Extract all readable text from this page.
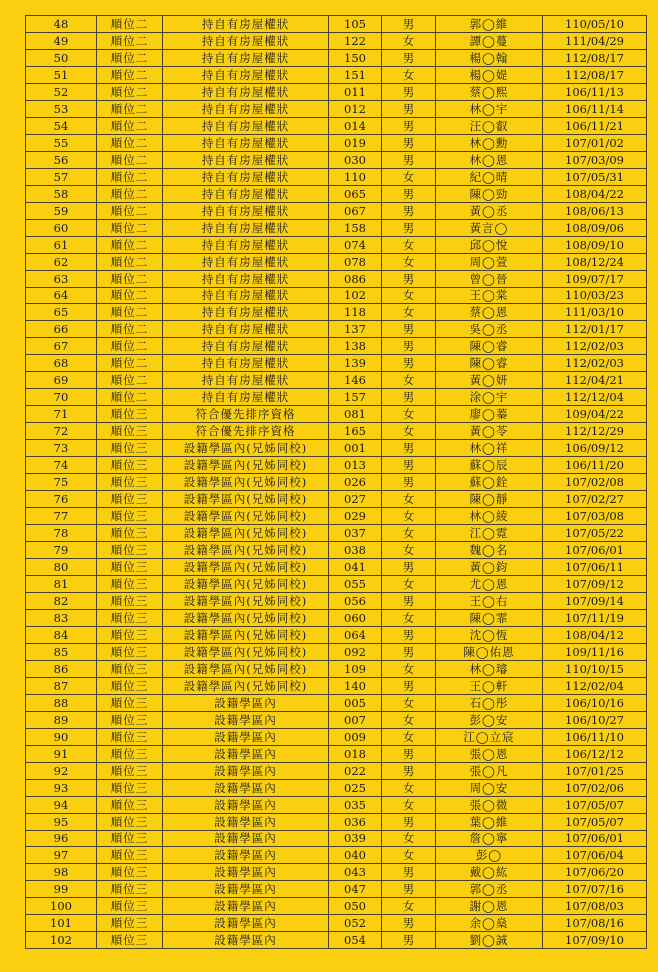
48	順位二	持自有房屋權狀	105	男	郭◯維	110/05/10
49	順位二	持自有房屋權狀	122	女	譚◯蔓	111/04/29
50	順位二	持自有房屋權狀	150	男	楊◯翰	112/08/17
51	順位二	持自有房屋權狀	151	女	楊◯媞	112/08/17
52	順位二	持自有房屋權狀	011	男	蔡◯熙	106/11/13
53	順位二	持自有房屋權狀	012	男	林◯宇	106/11/14
54	順位二	持自有房屋權狀	014	男	汪◯叡	106/11/21
55	順位二	持自有房屋權狀	019	男	林◯勳	107/01/02
56	順位二	持自有房屋權狀	030	男	林◯恩	107/03/09
57	順位二	持自有房屋權狀	110	女	紀◯晴	107/05/31
58	順位二	持自有房屋權狀	065	男	陳◯勁	108/04/22
59	順位二	持自有房屋權狀	067	男	黃◯丞	108/06/13
60	順位二	持自有房屋權狀	158	男	黃言◯	108/09/06
61	順位二	持自有房屋權狀	074	女	邱◯悅	108/09/10
62	順位二	持自有房屋權狀	078	女	周◯萱	108/12/24
63	順位二	持自有房屋權狀	086	男	曾◯晉	109/07/17
64	順位二	持自有房屋權狀	102	女	王◯棠	110/03/23
65	順位二	持自有房屋權狀	118	女	蔡◯恩	111/03/10
66	順位二	持自有房屋權狀	137	男	吳◯丞	112/01/17
67	順位二	持自有房屋權狀	138	男	陳◯睿	112/02/03
68	順位二	持自有房屋權狀	139	男	陳◯睿	112/02/03
69	順位二	持自有房屋權狀	146	女	黃◯妍	112/04/21
70	順位二	持自有房屋權狀	157	男	涂◯宇	112/12/04
71	順位三	符合優先排序資格	081	女	廖◯蓁	109/04/22
72	順位三	符合優先排序資格	165	女	黃◯苓	112/12/29
73	順位三	設籍學區內(兄姊同校)	001	男	林◯祥	106/09/12
74	順位三	設籍學區內(兄姊同校)	013	男	蘇◯辰	106/11/20
75	順位三	設籍學區內(兄姊同校)	026	男	蘇◯銓	107/02/08
76	順位三	設籍學區內(兄姊同校)	027	女	陳◯靜	107/02/27
77	順位三	設籍學區內(兄姊同校)	029	女	林◯綾	107/03/08
78	順位三	設籍學區內(兄姊同校)	037	女	江◯霓	107/05/22
79	順位三	設籍學區內(兄姊同校)	038	女	魏◯名	107/06/01
80	順位三	設籍學區內(兄姊同校)	041	男	黃◯鈞	107/06/11
81	順位三	設籍學區內(兄姊同校)	055	女	尤◯恩	107/09/12
82	順位三	設籍學區內(兄姊同校)	056	男	王◯右	107/09/14
83	順位三	設籍學區內(兄姊同校)	060	女	陳◯霏	107/11/19
84	順位三	設籍學區內(兄姊同校)	064	男	沈◯恆	108/04/12
85	順位三	設籍學區內(兄姊同校)	092	男	陳◯佑恩	109/11/16
86	順位三	設籍學區內(兄姊同校)	109	女	林◯璿	110/10/15
87	順位三	設籍學區內(兄姊同校)	140	男	王◯軒	112/02/04
88	順位三	設籍學區內	005	女	石◯彤	106/10/16
89	順位三	設籍學區內	007	女	彭◯安	106/10/27
90	順位三	設籍學區內	009	女	江◯立宸	106/11/10
91	順位三	設籍學區內	018	男	張◯恩	106/12/12
92	順位三	設籍學區內	022	男	張◯凡	107/01/25
93	順位三	設籍學區內	025	女	周◯安	107/02/06
94	順位三	設籍學區內	035	女	張◯微	107/05/07
95	順位三	設籍學區內	036	男	葉◯維	107/05/07
96	順位三	設籍學區內	039	女	詹◯寧	107/06/01
97	順位三	設籍學區內	040	女	彭◯	107/06/04
98	順位三	設籍學區內	043	男	戴◯紘	107/06/20
99	順位三	設籍學區內	047	男	郭◯丞	107/07/16
100	順位三	設籍學區內	050	女	謝◯恩	107/08/03
101	順位三	設籍學區內	052	男	余◯燊	107/08/16
102	順位三	設籍學區內	054	男	劉◯誠	107/09/10
